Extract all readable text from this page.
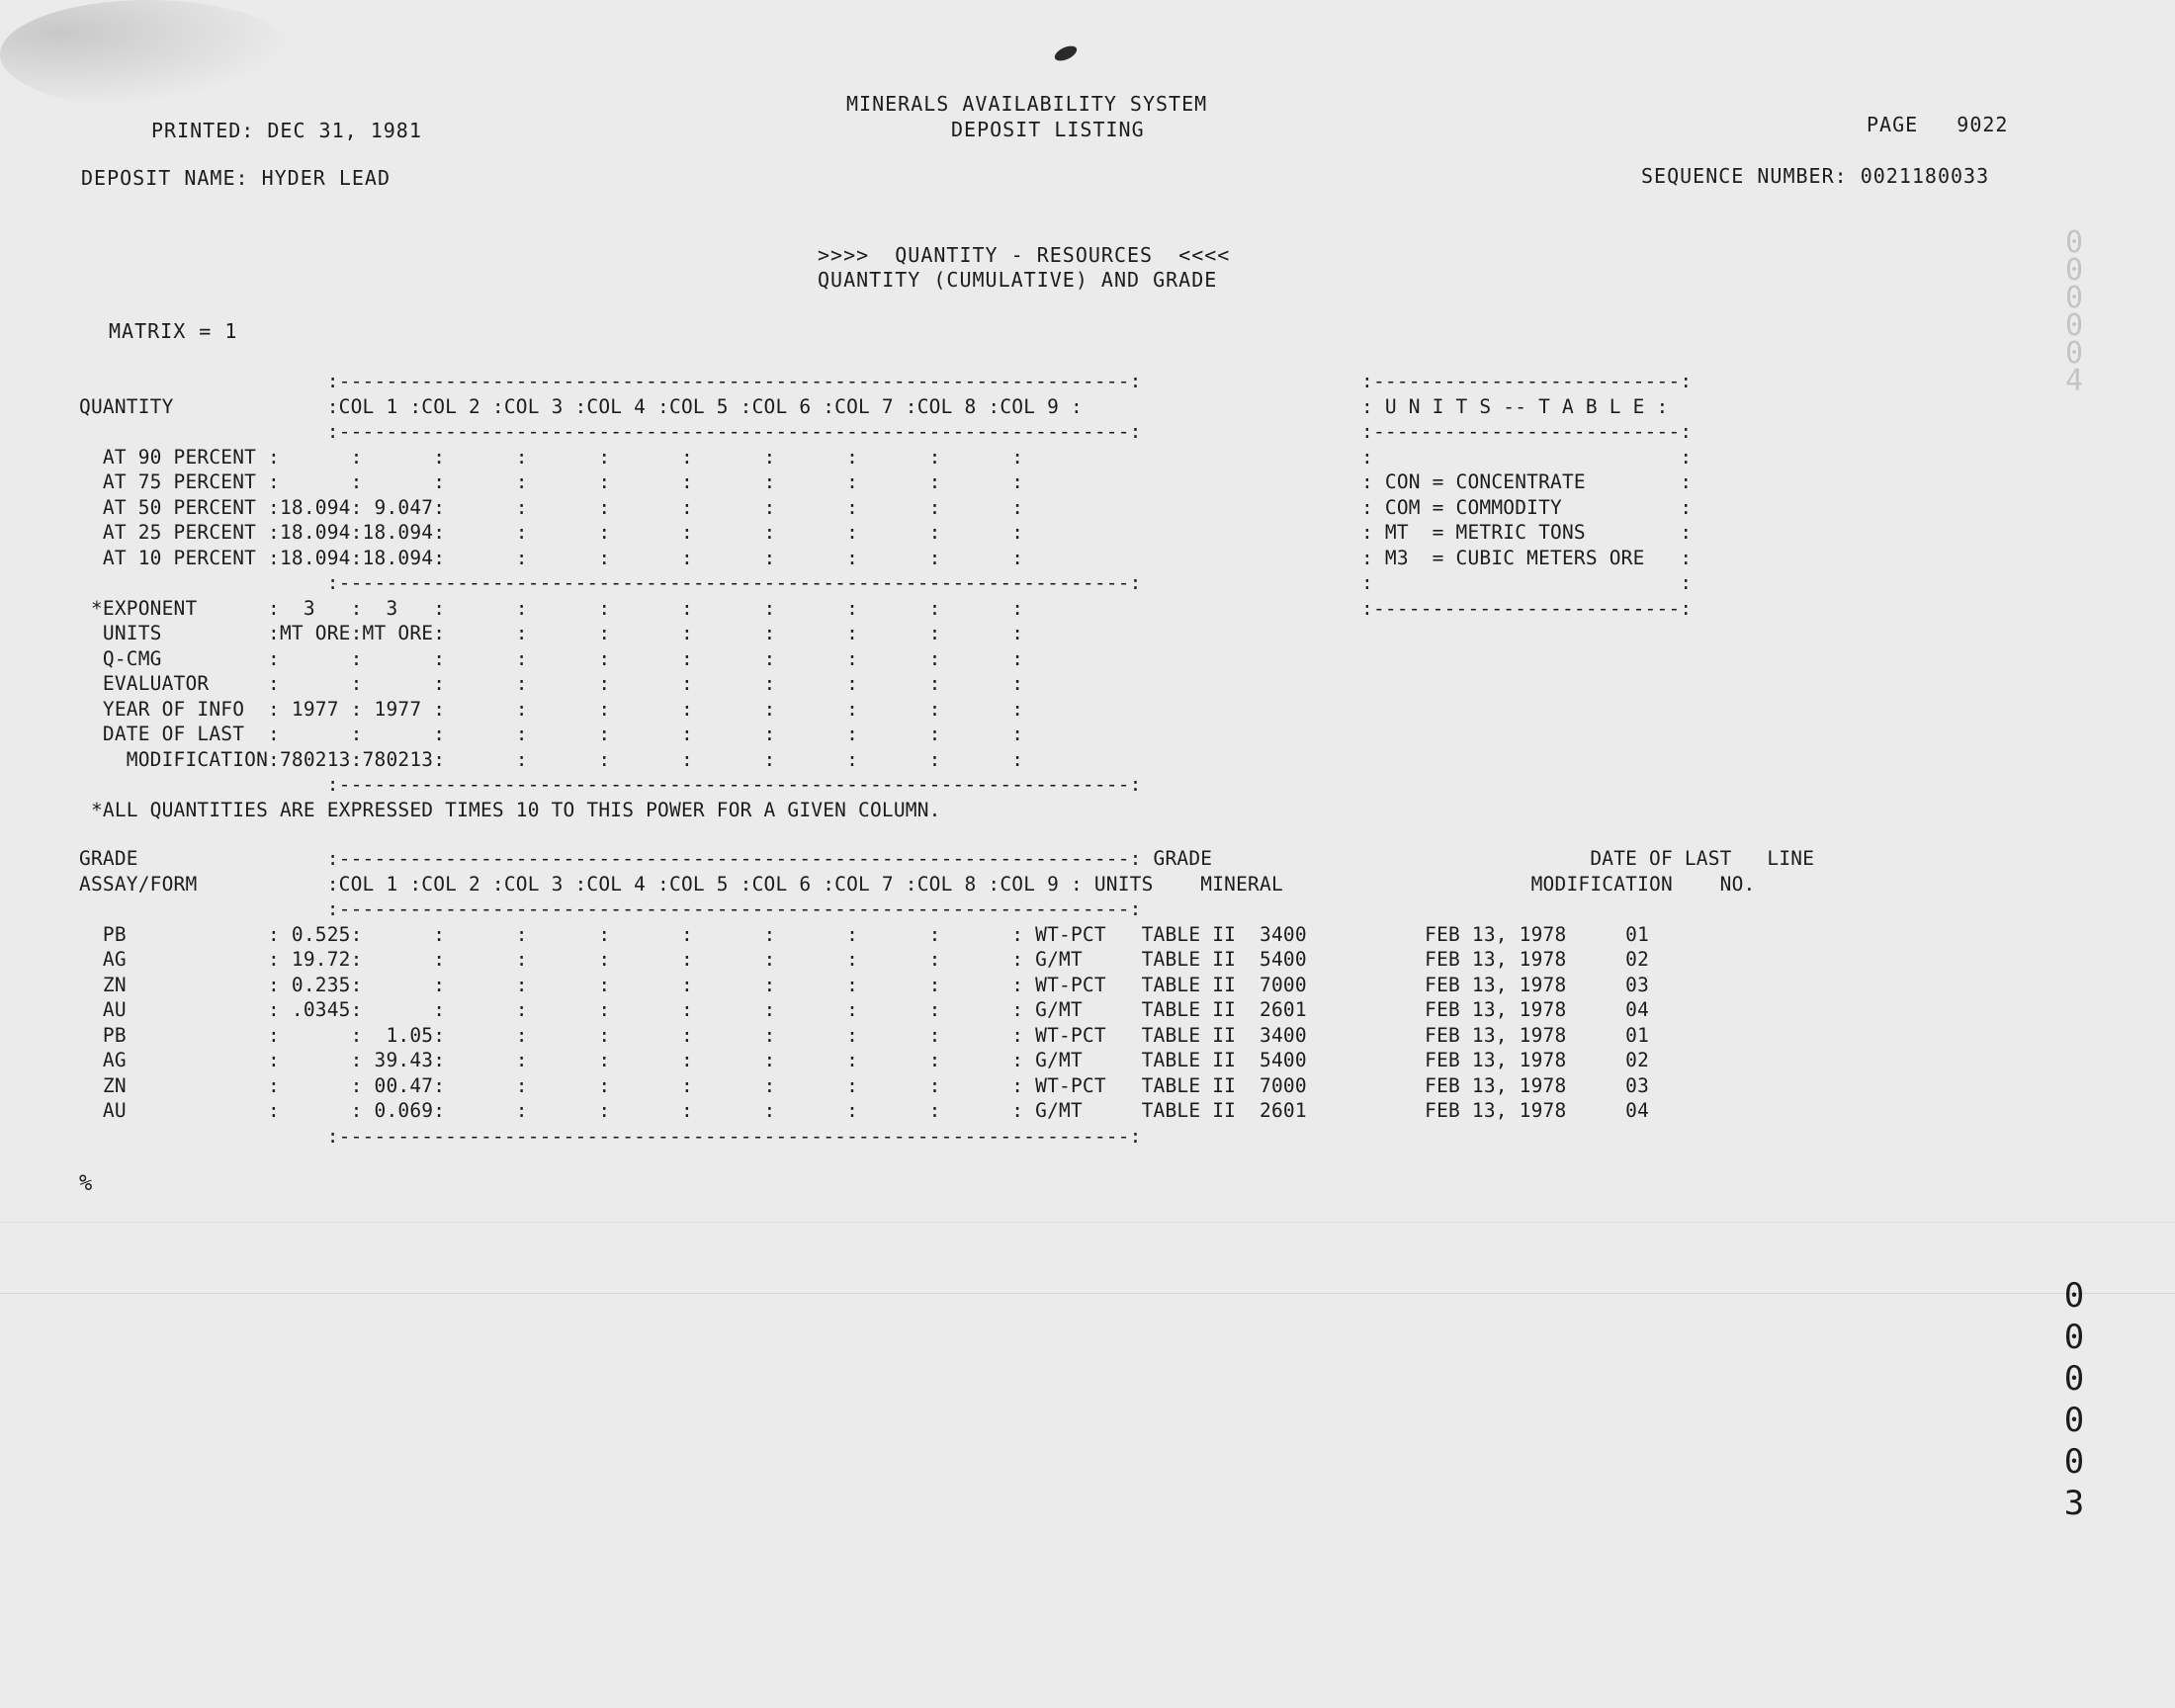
PRINTED: DEC 31, 1981
MINERALS AVAILABILITY SYSTEM
DEPOSIT LISTING	PAGE   9022
DEPOSIT NAME: HYDER LEAD	SEQUENCE NUMBER: 0021180033
>>>>  QUANTITY - RESOURCES  <<<<
QUANTITY (CUMULATIVE) AND GRADE
MATRIX = 1
:-------------------------------------------------------------------:
QUANTITY             :COL 1 :COL 2 :COL 3 :COL 4 :COL 5 :COL 6 :COL 7 :COL 8 :COL 9 :
:-------------------------------------------------------------------:
AT 90 PERCENT :      :      :      :      :      :      :      :      :      :
AT 75 PERCENT :      :      :      :      :      :      :      :      :      :
AT 50 PERCENT :18.094: 9.047:      :      :      :      :      :      :      :
AT 25 PERCENT :18.094:18.094:      :      :      :      :      :      :      :
AT 10 PERCENT :18.094:18.094:      :      :      :      :      :      :      :
:-------------------------------------------------------------------:
*EXPONENT      :  3   :  3   :      :      :      :      :      :      :      :
UNITS         :MT ORE:MT ORE:      :      :      :      :      :      :      :
Q-CMG         :      :      :      :      :      :      :      :      :      :
EVALUATOR     :      :      :      :      :      :      :      :      :      :
YEAR OF INFO  : 1977 : 1977 :      :      :      :      :      :      :      :
DATE OF LAST  :      :      :      :      :      :      :      :      :      :
MODIFICATION:780213:780213:      :      :      :      :      :      :      :
:-------------------------------------------------------------------:
*ALL QUANTITIES ARE EXPRESSED TIMES 10 TO THIS POWER FOR A GIVEN COLUMN.
:--------------------------:
: U N I T S -- T A B L E :
:--------------------------:
:                          :
: CON = CONCENTRATE        :
: COM = COMMODITY          :
: MT  = METRIC TONS        :
: M3  = CUBIC METERS ORE   :
:                          :
:--------------------------:
GRADE                :-------------------------------------------------------------------: GRADE                                DATE OF LAST   LINE
ASSAY/FORM           :COL 1 :COL 2 :COL 3 :COL 4 :COL 5 :COL 6 :COL 7 :COL 8 :COL 9 : UNITS    MINERAL                     MODIFICATION    NO.
:-------------------------------------------------------------------:
PB            : 0.525:      :      :      :      :      :      :      :      : WT-PCT   TABLE II  3400          FEB 13, 1978     01
AG            : 19.72:      :      :      :      :      :      :      :      : G/MT     TABLE II  5400          FEB 13, 1978     02
ZN            : 0.235:      :      :      :      :      :      :      :      : WT-PCT   TABLE II  7000          FEB 13, 1978     03
AU            : .0345:      :      :      :      :      :      :      :      : G/MT     TABLE II  2601          FEB 13, 1978     04
PB            :      :  1.05:      :      :      :      :      :      :      : WT-PCT   TABLE II  3400          FEB 13, 1978     01
AG            :      : 39.43:      :      :      :      :      :      :      : G/MT     TABLE II  5400          FEB 13, 1978     02
ZN            :      : 00.47:      :      :      :      :      :      :      : WT-PCT   TABLE II  7000          FEB 13, 1978     03
AU            :      : 0.069:      :      :      :      :      :      :      : G/MT     TABLE II  2601          FEB 13, 1978     04
:-------------------------------------------------------------------:
%
0
0
0
0
0
4
0
0
0
0
0
3
